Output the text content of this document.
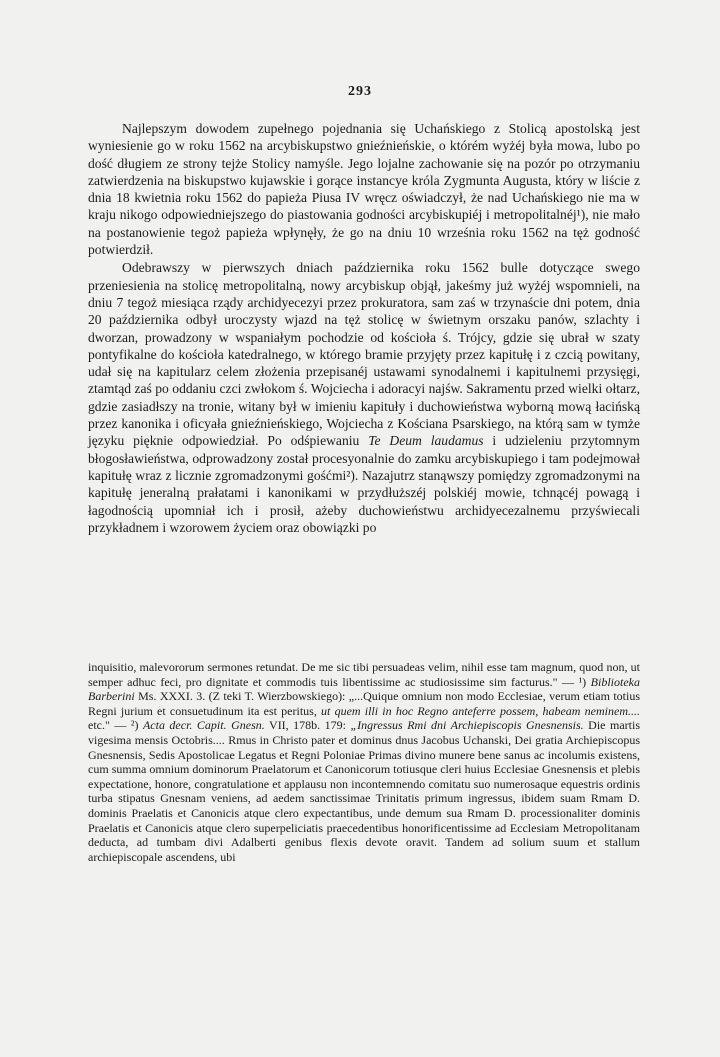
293

Najlepszym dowodem zupełnego pojednania się Uchańskiego z Stolicą apostolską jest wyniesienie go w roku 1562 na arcybiskupstwo gnieźnieńskie, o którém wyżéj była mowa, lubo po dość długiem ze strony tejże Stolicy namyśle. Jego lojalne zachowanie się na pozór po otrzymaniu zatwierdzenia na biskupstwo kujawskie i gorące instancye króla Zygmunta Augusta, który w liście z dnia 18 kwietnia roku 1562 do papieża Piusa IV wręcz oświadczył, że nad Uchańskiego nie ma w kraju nikogo odpowiedniejszego do piastowania godności arcybiskupiéj i metropolitalnéj¹), nie mało na postanowienie tegoż papieża wpłynęły, że go na dniu 10 września roku 1562 na tęż godność potwierdził.

Odebrawszy w pierwszych dniach października roku 1562 bulle dotyczące swego przeniesienia na stolicę metropolitalną, nowy arcybiskup objął, jakeśmy już wyżéj wspomnieli, na dniu 7 tegoż miesiąca rządy archidyecezyi przez prokuratora, sam zaś w trzynaście dni potem, dnia 20 października odbył uroczysty wjazd na tęż stolicę w świetnym orszaku panów, szlachty i dworzan, prowadzony w wspaniałym pochodzie od kościoła ś. Trójcy, gdzie się ubrał w szaty pontyfikalne do kościoła katedralnego, w którego bramie przyjęty przez kapitułę i z czcią powitany, udał się na kapitularz celem złożenia przepisanéj ustawami synodalnemi i kapitulnemi przysięgi, ztamtąd zaś po oddaniu czci zwłokom ś. Wojciecha i adoracyi najśw. Sakramentu przed wielki ołtarz, gdzie zasiadłszy na tronie, witany był w imieniu kapituły i duchowieństwa wyborną mową łacińską przez kanonika i oficyała gnieźnieńskiego, Wojciecha z Kościana Psarskiego, na którą sam w tymże języku pięknie odpowiedział. Po odśpiewaniu Te Deum laudamus i udzieleniu przytomnym błogosławieństwa, odprowadzony został procesyonalnie do zamku arcybiskupiego i tam podejmował kapitułę wraz z licznie zgromadzonymi gośćmi²). Nazajutrz stanąwszy pomiędzy zgromadzonymi na kapitułę jeneralną prałatami i kanonikami w przydłuższéj polskiéj mowie, tchnącéj powagą i łagodnością upomniał ich i prosił, ażeby duchowieństwu archidyecezalnemu przyświecali przykładnem i wzorowem życiem oraz obowiązki po

inquisitio, malevororum sermones retundat. De me sic tibi persuadeas velim, nihil esse tam magnum, quod non, ut semper adhuc feci, pro dignitate et commodis tuis libentissime ac studiosissime sim facturus." — ¹) Biblioteka Barberini Ms. XXXI. 3. (Z teki T. Wierzbowskiego): „...Quique omnium non modo Ecclesiae, verum etiam totius Regni jurium et consuetudinum ita est peritus, ut quem illi in hoc Regno anteferre possem, habeam neminem.... etc." — ²) Acta decr. Capit. Gnesn. VII, 178b. 179: „Ingressus Rmi dni Archiepiscopis Gnesnensis. Die martis vigesima mensis Octobris.... Rmus in Christo pater et dominus dnus Jacobus Uchanski, Dei gratia Archiepiscopus Gnesnensis, Sedis Apostolicae Legatus et Regni Poloniae Primas divino munere bene sanus ac incolumis existens, cum summa omnium dominorum Praelatorum et Canonicorum totiusque cleri huius Ecclesiae Gnesnensis et plebis expectatione, honore, congratulatione et applausu non incontemnendo comitatu suo numerosaque equestris ordinis turba stipatus Gnesnam veniens, ad aedem sanctissimae Trinitatis primum ingressus, ibidem suam Rmam D. dominis Praelatis et Canonicis atque clero expectantibus, unde demum sua Rmam D. processionaliter dominis Praelatis et Canonicis atque clero superpeliciatis praecedentibus honorificentissime ad Ecclesiam Metropolitanam deducta, ad tumbam divi Adalberti genibus flexis devote oravit. Tandem ad solium suum et stallum archiepiscopale ascendens, ubi
